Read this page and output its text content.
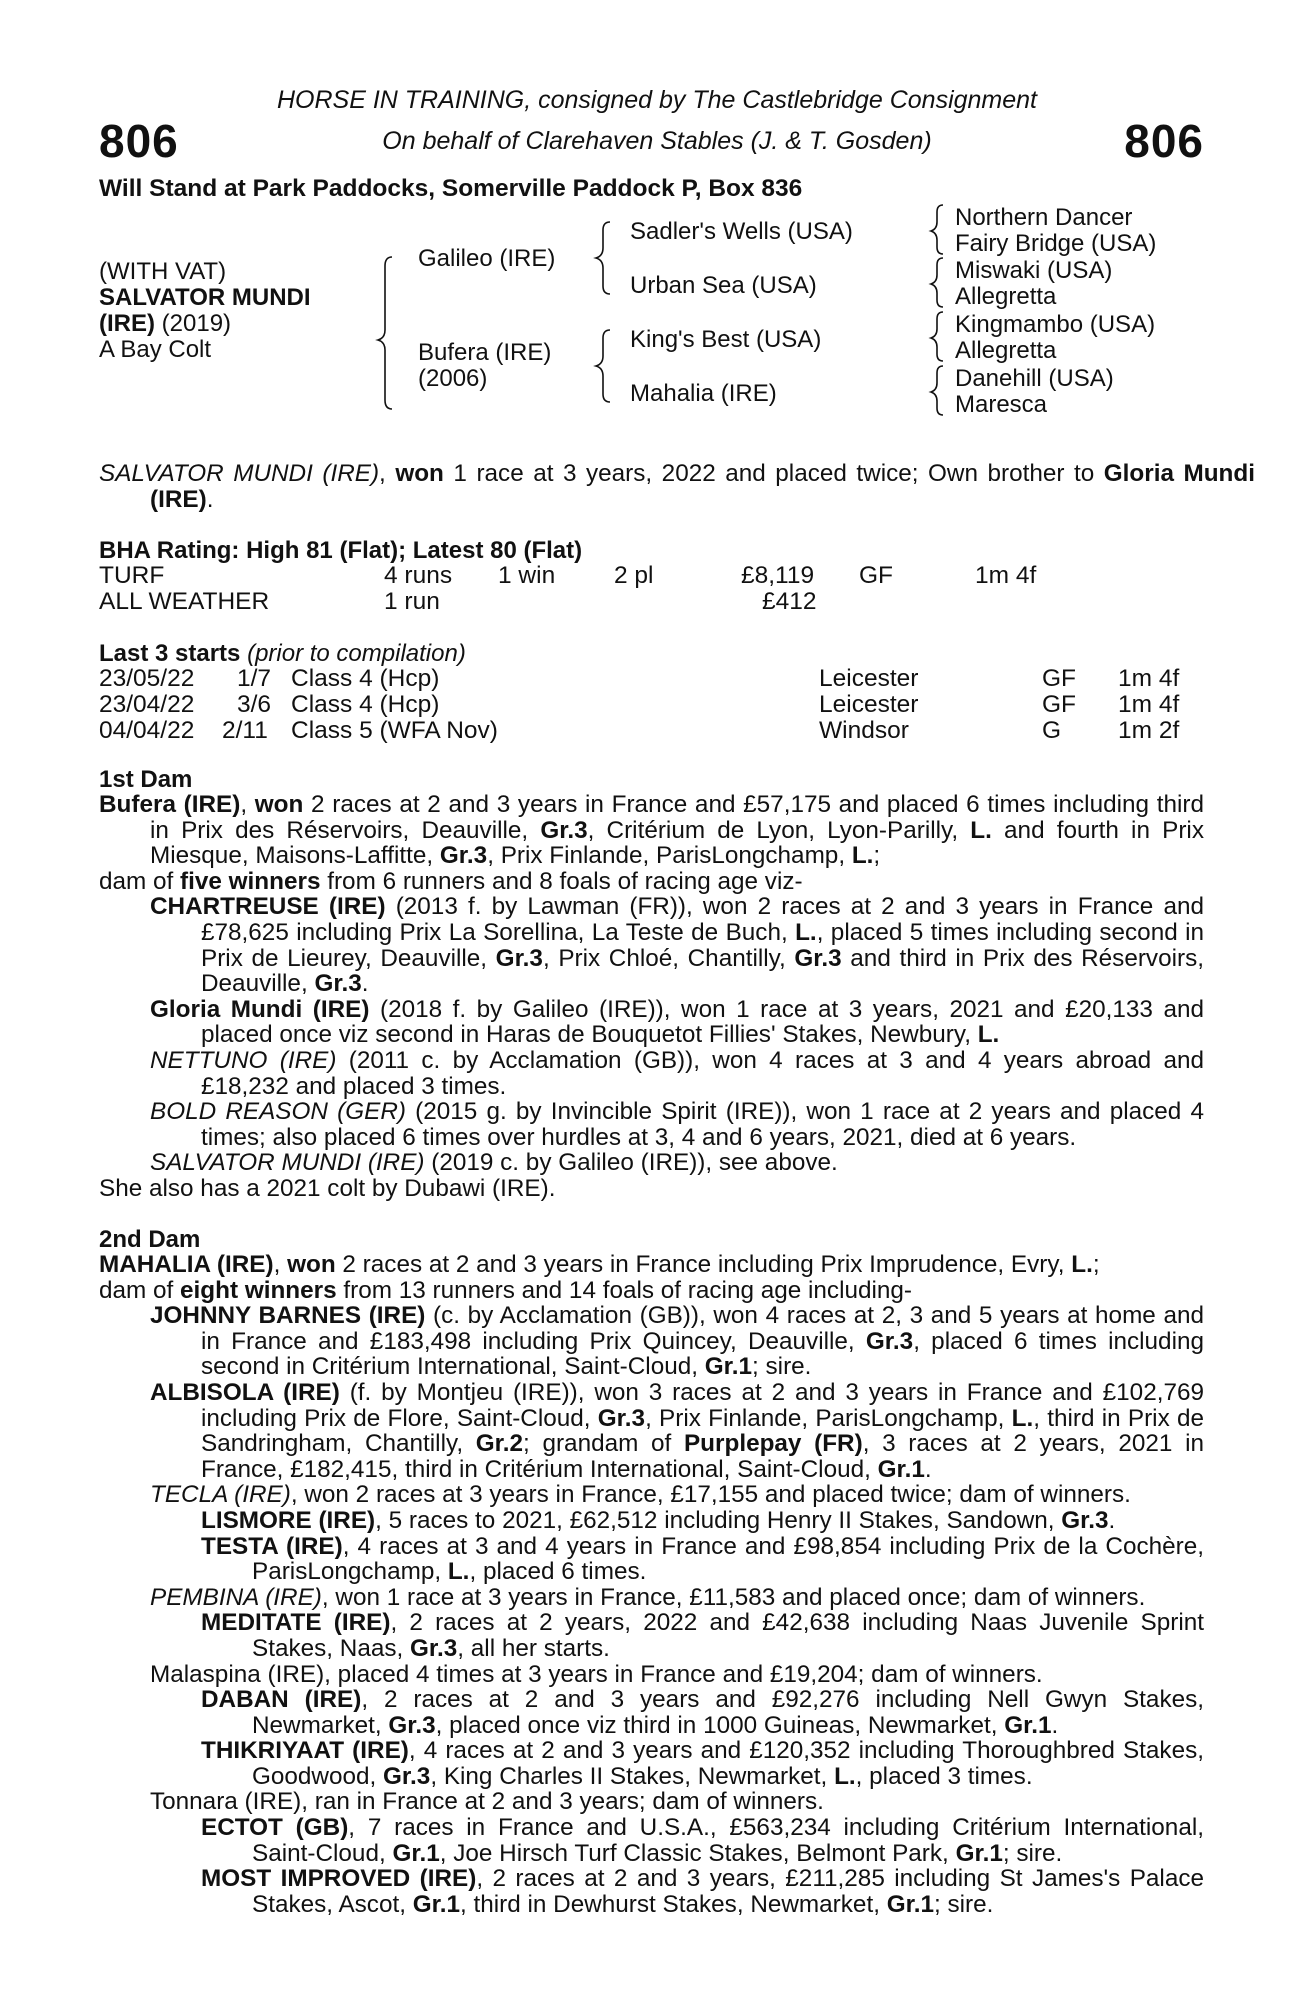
806	806
HORSE IN TRAINING, consigned by The Castlebridge Consignment
On behalf of Clarehaven Stables (J. & T. Gosden)
Will Stand at Park Paddocks, Somerville Paddock P, Box 836
(WITH VAT)
SALVATOR MUNDI
(IRE) (2019)
A Bay Colt
Galileo (IRE)
Bufera (IRE)
(2006)
Sadler's Wells (USA)
Urban Sea (USA)
King's Best (USA)
Mahalia (IRE)
Northern Dancer
Fairy Bridge (USA)
Miswaki (USA)
Allegretta
Kingmambo (USA)
Allegretta
Danehill (USA)
Maresca
SALVATOR MUNDI (IRE), won 1 race at 3 years, 2022 and placed twice; Own brother to Gloria Mundi (IRE).
BHA Rating: High 81 (Flat); Latest 80 (Flat)
TURF	4 runs 1 win 2 pl	£8,119 GF	1m 4f
ALL WEATHER	1 run	£412
Last 3 starts (prior to compilation)
23/05/22 1/7 Class 4 (Hcp)	Leicester	GF 1m 4f
23/04/22 3/6 Class 4 (Hcp)	Leicester	GF 1m 4f
04/04/22 2/11 Class 5 (WFA Nov)	Windsor	G 1m 2f
1st Dam
Bufera (IRE), won 2 races at 2 and 3 years in France and £57,175 and placed 6 times including third in Prix des Réservoirs, Deauville, Gr.3, Critérium de Lyon, Lyon-Parilly, L. and fourth in Prix Miesque, Maisons-Laffitte, Gr.3, Prix Finlande, ParisLongchamp, L.;
dam of five winners from 6 runners and 8 foals of racing age viz-
CHARTREUSE (IRE) (2013 f. by Lawman (FR)), won 2 races at 2 and 3 years in France and £78,625 including Prix La Sorellina, La Teste de Buch, L., placed 5 times including second in Prix de Lieurey, Deauville, Gr.3, Prix Chloé, Chantilly, Gr.3 and third in Prix des Réservoirs, Deauville, Gr.3.
Gloria Mundi (IRE) (2018 f. by Galileo (IRE)), won 1 race at 3 years, 2021 and £20,133 and placed once viz second in Haras de Bouquetot Fillies' Stakes, Newbury, L.
NETTUNO (IRE) (2011 c. by Acclamation (GB)), won 4 races at 3 and 4 years abroad and £18,232 and placed 3 times.
BOLD REASON (GER) (2015 g. by Invincible Spirit (IRE)), won 1 race at 2 years and placed 4 times; also placed 6 times over hurdles at 3, 4 and 6 years, 2021, died at 6 years.
SALVATOR MUNDI (IRE) (2019 c. by Galileo (IRE)), see above.
She also has a 2021 colt by Dubawi (IRE).
2nd Dam
MAHALIA (IRE), won 2 races at 2 and 3 years in France including Prix Imprudence, Evry, L.;
dam of eight winners from 13 runners and 14 foals of racing age including-
JOHNNY BARNES (IRE) (c. by Acclamation (GB)), won 4 races at 2, 3 and 5 years at home and in France and £183,498 including Prix Quincey, Deauville, Gr.3, placed 6 times including second in Critérium International, Saint-Cloud, Gr.1; sire.
ALBISOLA (IRE) (f. by Montjeu (IRE)), won 3 races at 2 and 3 years in France and £102,769 including Prix de Flore, Saint-Cloud, Gr.3, Prix Finlande, ParisLongchamp, L., third in Prix de Sandringham, Chantilly, Gr.2; grandam of Purplepay (FR), 3 races at 2 years, 2021 in France, £182,415, third in Critérium International, Saint-Cloud, Gr.1.
TECLA (IRE), won 2 races at 3 years in France, £17,155 and placed twice; dam of winners.
LISMORE (IRE), 5 races to 2021, £62,512 including Henry II Stakes, Sandown, Gr.3.
TESTA (IRE), 4 races at 3 and 4 years in France and £98,854 including Prix de la Cochère, ParisLongchamp, L., placed 6 times.
PEMBINA (IRE), won 1 race at 3 years in France, £11,583 and placed once; dam of winners.
MEDITATE (IRE), 2 races at 2 years, 2022 and £42,638 including Naas Juvenile Sprint Stakes, Naas, Gr.3, all her starts.
Malaspina (IRE), placed 4 times at 3 years in France and £19,204; dam of winners.
DABAN (IRE), 2 races at 2 and 3 years and £92,276 including Nell Gwyn Stakes, Newmarket, Gr.3, placed once viz third in 1000 Guineas, Newmarket, Gr.1.
THIKRIYAAT (IRE), 4 races at 2 and 3 years and £120,352 including Thoroughbred Stakes, Goodwood, Gr.3, King Charles II Stakes, Newmarket, L., placed 3 times.
Tonnara (IRE), ran in France at 2 and 3 years; dam of winners.
ECTOT (GB), 7 races in France and U.S.A., £563,234 including Critérium International, Saint-Cloud, Gr.1, Joe Hirsch Turf Classic Stakes, Belmont Park, Gr.1; sire.
MOST IMPROVED (IRE), 2 races at 2 and 3 years, £211,285 including St James's Palace Stakes, Ascot, Gr.1, third in Dewhurst Stakes, Newmarket, Gr.1; sire.
